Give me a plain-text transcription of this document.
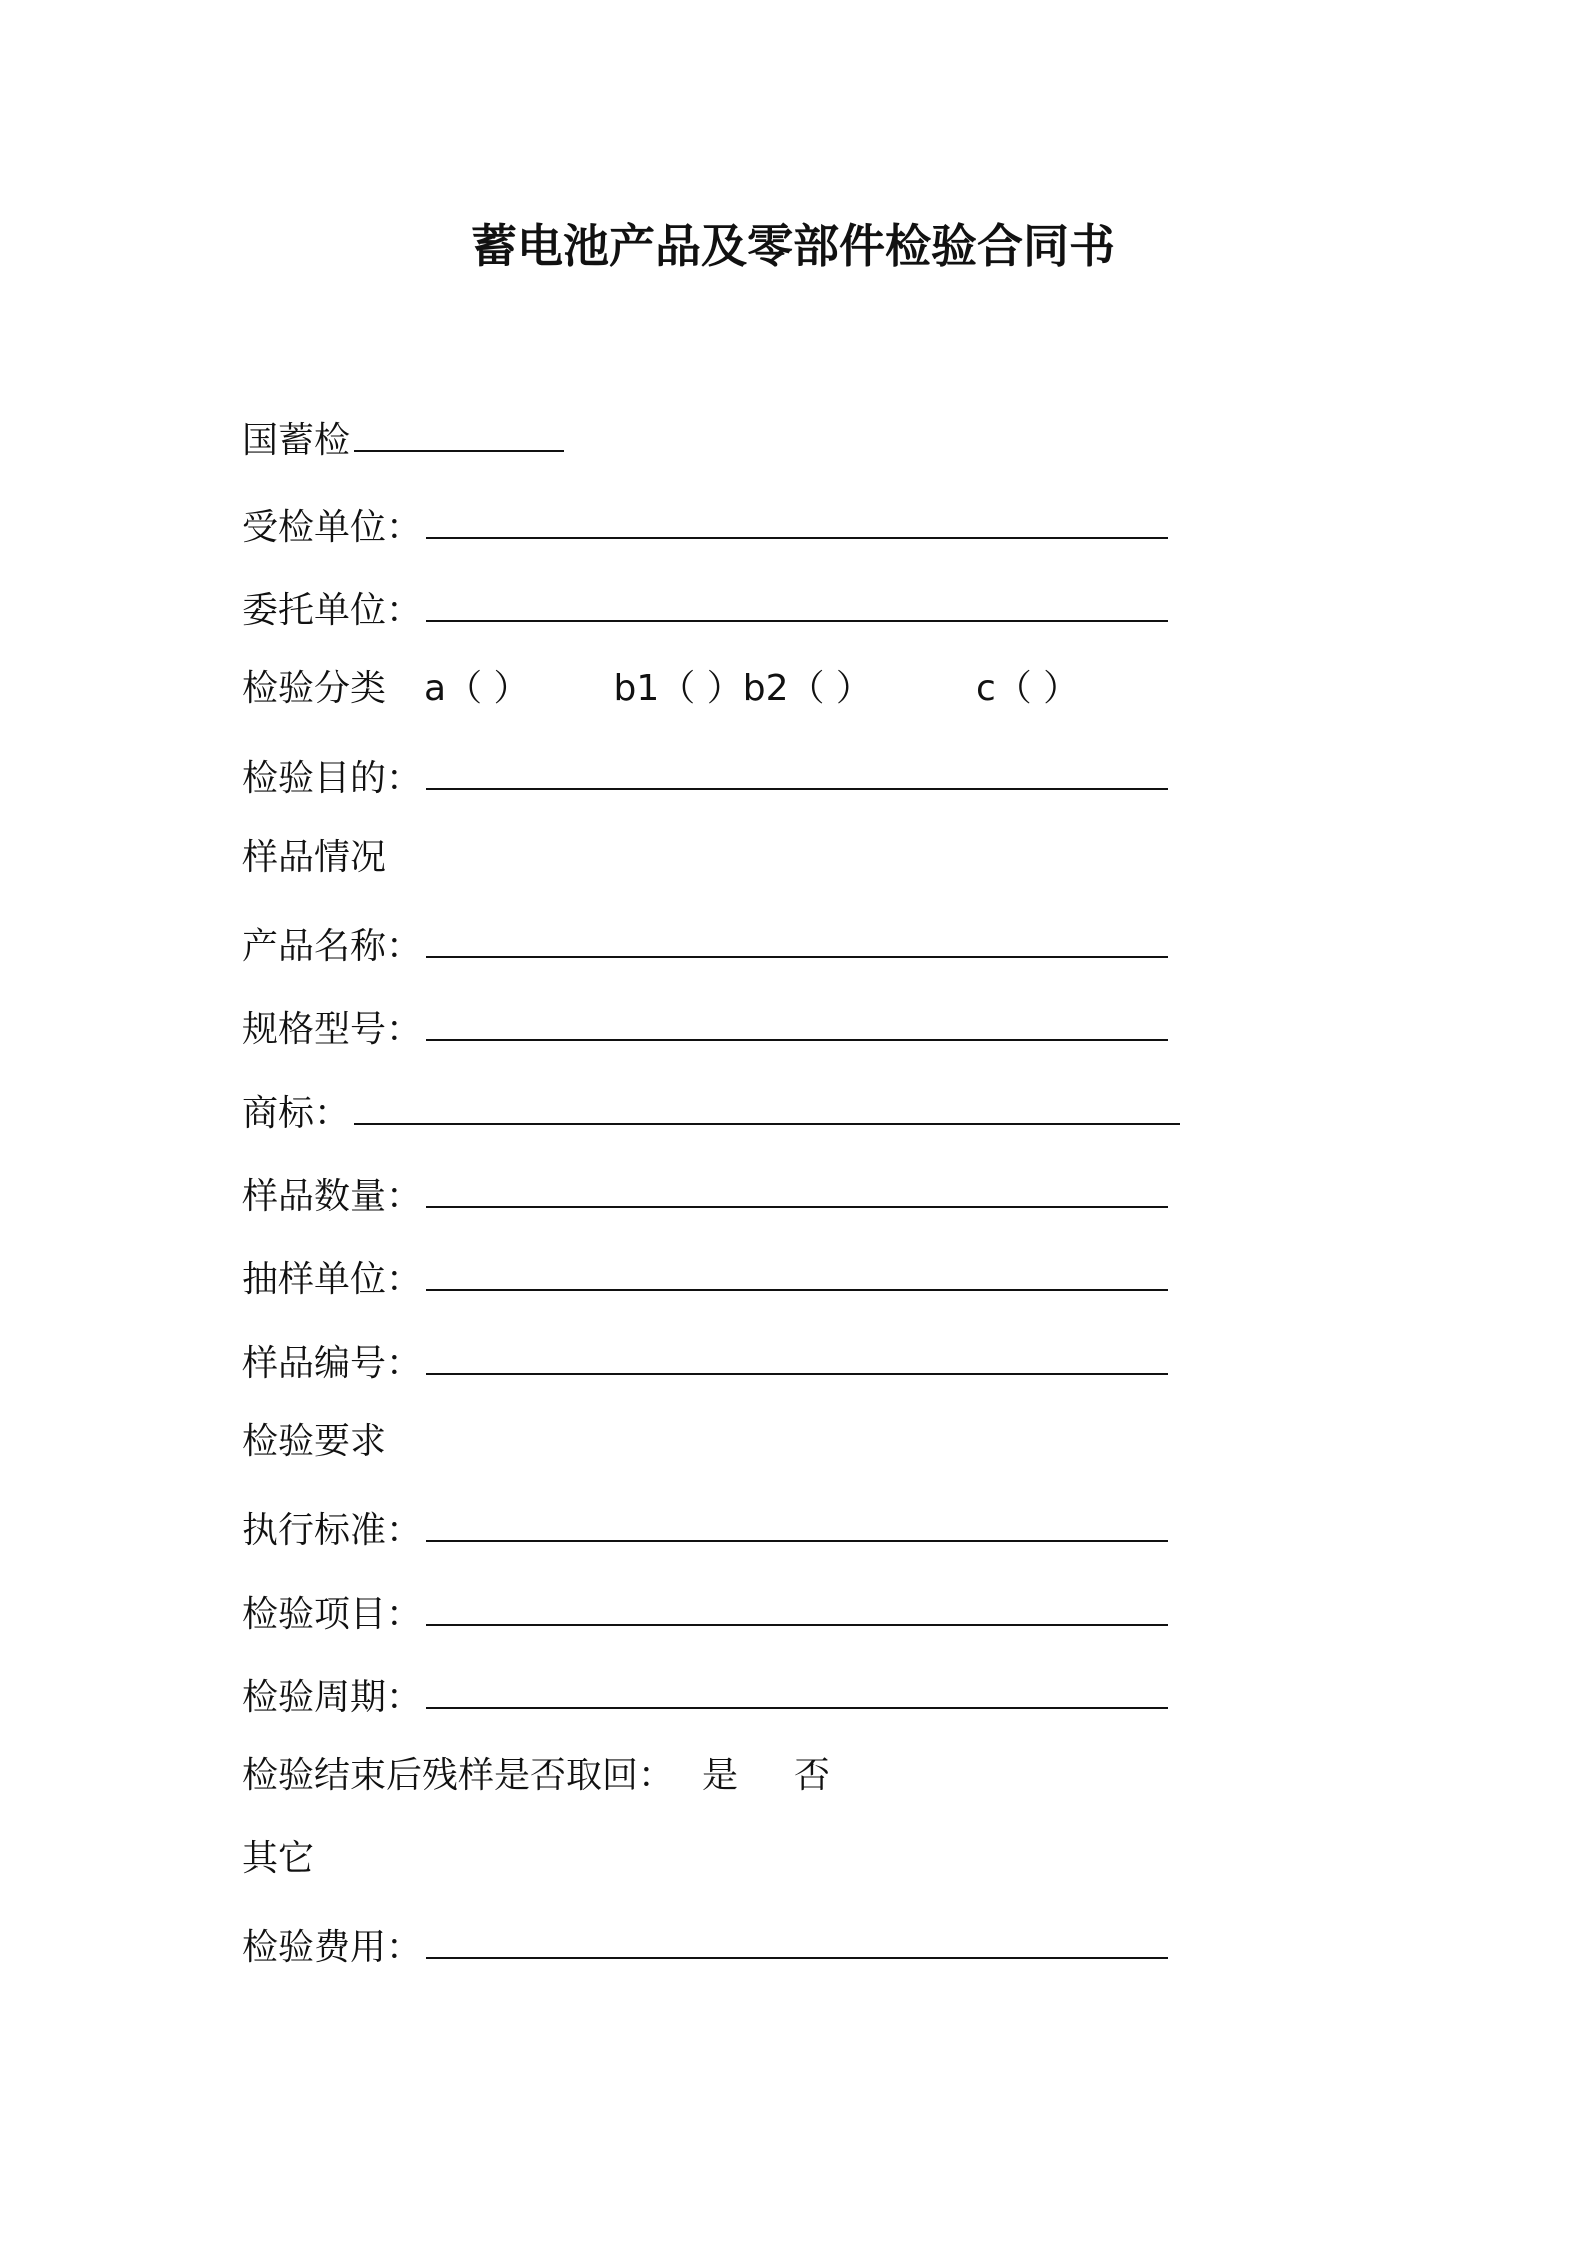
蓄电池产品及零部件检验合同书
国蓄检
受检单位：
委托单位：
检验分类 a（ ） b1（ ）b2（ ）	c（ ）
检验目的：
样品情况
产品名称：
规格型号：
商标：
样品数量：
抽样单位：
样品编号：
检验要求
执行标准：
检验项目：
检验周期：
检验结束后残样是否取回： 是 否
其它
检验费用：
